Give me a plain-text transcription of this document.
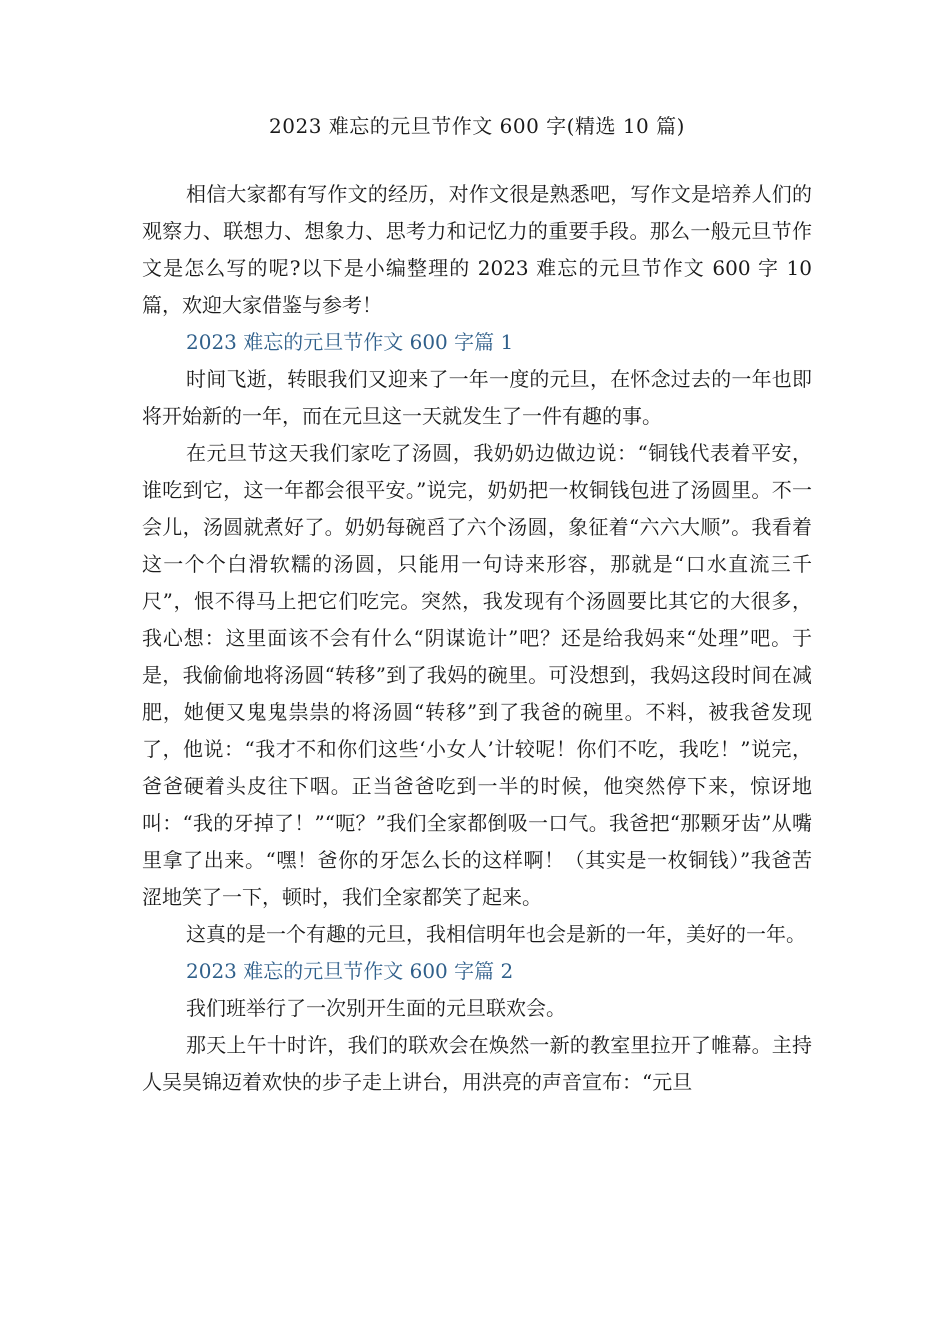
2023 难忘的元旦节作文 600 字(精选 10 篇)

相信大家都有写作文的经历，对作文很是熟悉吧，写作文是培养人们的观察力、联想力、想象力、思考力和记忆力的重要手段。那么一般元旦节作文是怎么写的呢?以下是小编整理的 2023 难忘的元旦节作文 600 字 10 篇，欢迎大家借鉴与参考！

2023 难忘的元旦节作文 600 字篇 1

时间飞逝，转眼我们又迎来了一年一度的元旦，在怀念过去的一年也即将开始新的一年，而在元旦这一天就发生了一件有趣的事。

在元旦节这天我们家吃了汤圆，我奶奶边做边说：“铜钱代表着平安，谁吃到它，这一年都会很平安。”说完，奶奶把一枚铜钱包进了汤圆里。不一会儿，汤圆就煮好了。奶奶每碗舀了六个汤圆，象征着“六六大顺”。我看着这一个个白滑软糯的汤圆，只能用一句诗来形容，那就是“口水直流三千尺”，恨不得马上把它们吃完。突然，我发现有个汤圆要比其它的大很多，我心想：这里面该不会有什么“阴谋诡计”吧？还是给我妈来“处理”吧。于是，我偷偷地将汤圆“转移”到了我妈的碗里。可没想到，我妈这段时间在减肥，她便又鬼鬼祟祟的将汤圆“转移”到了我爸的碗里。不料，被我爸发现了，他说：“我才不和你们这些‘小女人’计较呢！你们不吃，我吃！”说完，爸爸硬着头皮往下咽。正当爸爸吃到一半的时候，他突然停下来，惊讶地叫：“我的牙掉了！”“呃？”我们全家都倒吸一口气。我爸把“那颗牙齿”从嘴里拿了出来。“嘿！爸你的牙怎么长的这样啊！（其实是一枚铜钱）”我爸苦涩地笑了一下，顿时，我们全家都笑了起来。

这真的是一个有趣的元旦，我相信明年也会是新的一年，美好的一年。

2023 难忘的元旦节作文 600 字篇 2

我们班举行了一次别开生面的元旦联欢会。

那天上午十时许，我们的联欢会在焕然一新的教室里拉开了帷幕。主持人吴昊锦迈着欢快的步子走上讲台，用洪亮的声音宣布：“元旦
